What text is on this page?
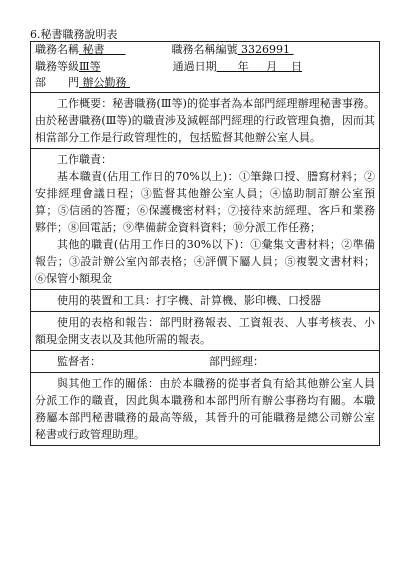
6.秘書職務說明表
職務名稱 秘書	職務名稱編號 3326991
職務等級Ⅲ等	通過日期 年 月 日
部　　門 辦公勤務
工作概要：秘書職務(Ⅲ等)的從事者為本部門經理辦理秘書事務。由於秘書職務(Ⅲ等)的職責涉及減輕部門經理的行政管理負擔，因而其相當部分工作是行政管理性的，包括監督其他辦公室人員。
工作職責：
基本職責(佔用工作日的70%以上)：①筆錄口授、謄寫材料；②安排經理會議日程；③監督其他辦公室人員；④協助制訂辦公室預算；⑤信函的答覆；⑥保護機密材料；⑦接待來訪經理、客戶和業務夥伴；⑧回電話；⑨準備薪金資料資料；⑩分派工作任務；
其他的職責(佔用工作日的30%以下)：①彙集文書材料；②準備報告；③設計辦公室內部表格；④評價下屬人員；⑤複製文書材料；⑥保管小額現金
使用的裝置和工具：打字機、計算機、影印機、口授器
使用的表格和報告：部門財務報表、工資報表、人事考核表、小額現金開支表以及其他所需的報表。
監督者：	部門經理：
與其他工作的關係：由於本職務的從事者負有給其他辦公室人員分派工作的職責，因此與本職務和本部門所有辦公事務均有關。本職務屬本部門秘書職務的最高等級，其晉升的可能職務是總公司辦公室秘書或行政管理助理。
